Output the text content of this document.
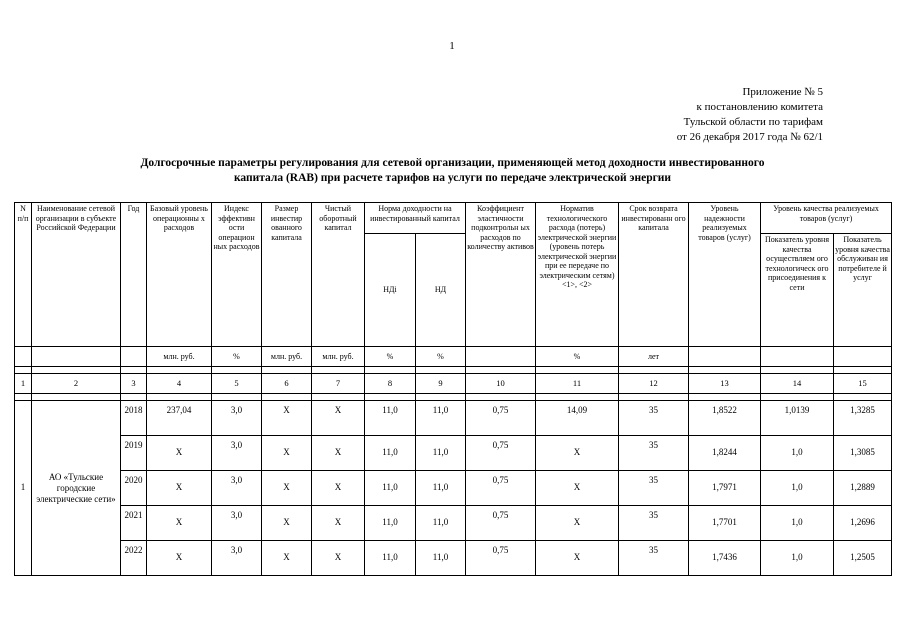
1
Приложение № 5
к постановлению комитета
Тульской области по тарифам
от 26 декабря 2017 года № 62/1
Долгосрочные параметры регулирования для сетевой организации, применяющей метод доходности инвестированного
капитала (RAB) при расчете тарифов на услуги по передаче электрической энергии
N п/п	Наименование сетевой организации в субъекте Российской Федерации	Год	Базовый уровень операционны х расходов	Индекс эффективн ости операцион ных расходов	Размер инвестир ованного капитала	Чистый оборотный капитал	Норма доходности на инвестированный капитал		Коэффициент эластичности подконтрольн ых расходов по количеству активов	Норматив технологического расхода (потерь) электрической энергии (уровень потерь электрической энергии при ее передаче по электрическим сетям) <1>, <2>	Срок возврата инвестированн ого капитала	Уровень надежности реализуемых товаров (услуг)	Уровень качества реализуемых товаров (услуг)	
							НДi	НД					Показатель уровня качества осуществляем ого технологическ ого присоединения к сети	Показатель уровня качества обслуживан ия потребителе й услуг
			млн. руб.	%	млн. руб.	млн. руб.	%	%		%	лет			

1	2	3	4	5	6	7	8	9	10	11	12	13	14	15

1	АО «Тульские городские электрические сети»	2018	237,04	3,0	Х	Х	11,0	11,0	0,75	14,09	35	1,8522	1,0139	1,3285
		2019	Х	3,0	Х	Х	11,0	11,0	0,75	Х	35	1,8244	1,0	1,3085
		2020	Х	3,0	Х	Х	11,0	11,0	0,75	Х	35	1,7971	1,0	1,2889
		2021	Х	3,0	Х	Х	11,0	11,0	0,75	Х	35	1,7701	1,0	1,2696
		2022	Х	3,0	Х	Х	11,0	11,0	0,75	Х	35	1,7436	1,0	1,2505
